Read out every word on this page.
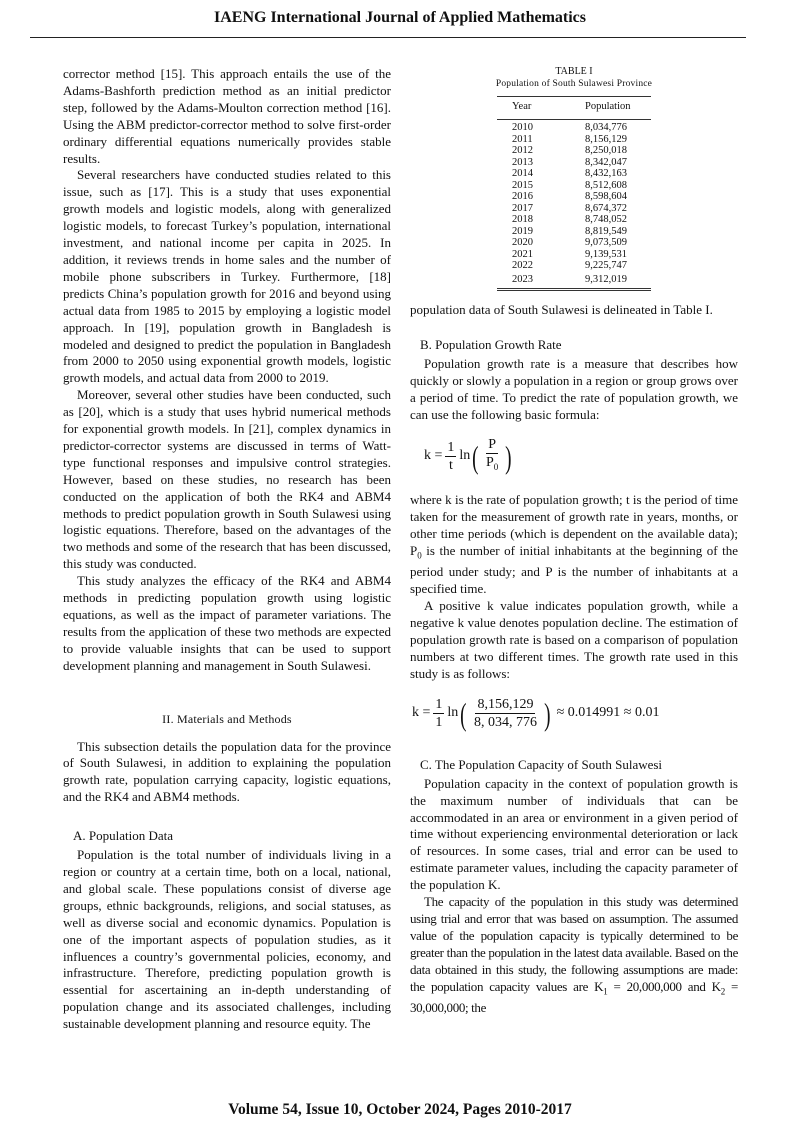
IAENG International Journal of Applied Mathematics

corrector method [15]. This approach entails the use of the Adams-Bashforth prediction method as an initial predictor step, followed by the Adams-Moulton correction method [16]. Using the ABM predictor-corrector method to solve first-order ordinary differential equations numerically provides stable results.

Several researchers have conducted studies related to this issue, such as [17]. This is a study that uses exponential growth models and logistic models, along with generalized logistic models, to forecast Turkey’s population, international investment, and national income per capita in 2025. In addition, it reviews trends in home sales and the number of mobile phone subscribers in Turkey. Furthermore, [18] predicts China’s population growth for 2016 and beyond using actual data from 1985 to 2015 by employing a logistic model approach. In [19], population growth in Bangladesh is modeled and designed to predict the population in Bangladesh from 2000 to 2050 using exponential growth models, logistic growth models, and actual data from 2000 to 2019.

Moreover, several other studies have been conducted, such as [20], which is a study that uses hybrid numerical methods for exponential growth models. In [21], complex dynamics in predictor-corrector systems are discussed in terms of Watt-type functional responses and impulsive control strategies. However, based on these studies, no research has been conducted on the application of both the RK4 and ABM4 methods to predict population growth in South Sulawesi using logistic equations. Therefore, based on the advantages of the two methods and some of the research that has been discussed, this study was conducted.

This study analyzes the efficacy of the RK4 and ABM4 methods in predicting population growth using logistic equations, as well as the impact of parameter variations. The results from the application of these two methods are expected to provide valuable insights that can be used to support development planning and management in South Sulawesi.

II. Materials and Methods

This subsection details the population data for the province of South Sulawesi, in addition to explaining the population growth rate, population carrying capacity, logistic equations, and the RK4 and ABM4 methods.

A. Population Data

Population is the total number of individuals living in a region or country at a certain time, both on a local, national, and global scale. These populations consist of diverse age groups, ethnic backgrounds, religions, and social statuses, as well as diverse social and economic dynamics. Population is one of the important aspects of population studies, as it influences a country’s governmental policies, economy, and infrastructure. Therefore, predicting population growth is essential for ascertaining an in-depth understanding of population change and its associated challenges, including sustainable development planning and resource equity. The

TABLE I
Population of South Sulawesi Province
Year	Population
2010	8,034,776
2011	8,156,129
2012	8,250,018
2013	8,342,047
2014	8,432,163
2015	8,512,608
2016	8,598,604
2017	8,674,372
2018	8,748,052
2019	8,819,549
2020	9,073,509
2021	9,139,531
2022	9,225,747
2023	9,312,019

population data of South Sulawesi is delineated in Table I.

B. Population Growth Rate

Population growth rate is a measure that describes how quickly or slowly a population in a region or group grows over a period of time. To predict the rate of population growth, we can use the following basic formula:

$k = \frac{1}{t}$ ln ( $\frac{P}{P_0}$ )

where k is the rate of population growth; t is the period of time taken for the measurement of growth rate in years, months, or other time periods (which is dependent on the available data); $P_0$ is the number of initial inhabitants at the beginning of the period under study; and P is the number of inhabitants at a specified time.

A positive k value indicates population growth, while a negative k value denotes population decline. The estimation of population growth rate is based on a comparison of population numbers at two different times. The growth rate used in this study is as follows:

$k = \frac{1}{1}$ ln ( $\frac{8,156,129}{8, 034, 776}$ ) ≈ 0.014991 ≈ 0.01
C. The Population Capacity of South Sulawesi

Population capacity in the context of population growth is the maximum number of individuals that can be accommodated in an area or environment in a given period of time without experiencing environmental deterioration or lack of resources. In some cases, trial and error can be used to estimate parameter values, including the capacity parameter of the population K.

The capacity of the population in this study was determined using trial and error that was based on assumption. The assumed value of the population capacity is typically determined to be greater than the population in the latest data available. Based on the data obtained in this study, the following assumptions are made: the population capacity values are $K_1 = 20,000,000$ and $K_2 = 30,000,000$; the

Volume 54, Issue 10, October 2024, Pages 2010-2017
